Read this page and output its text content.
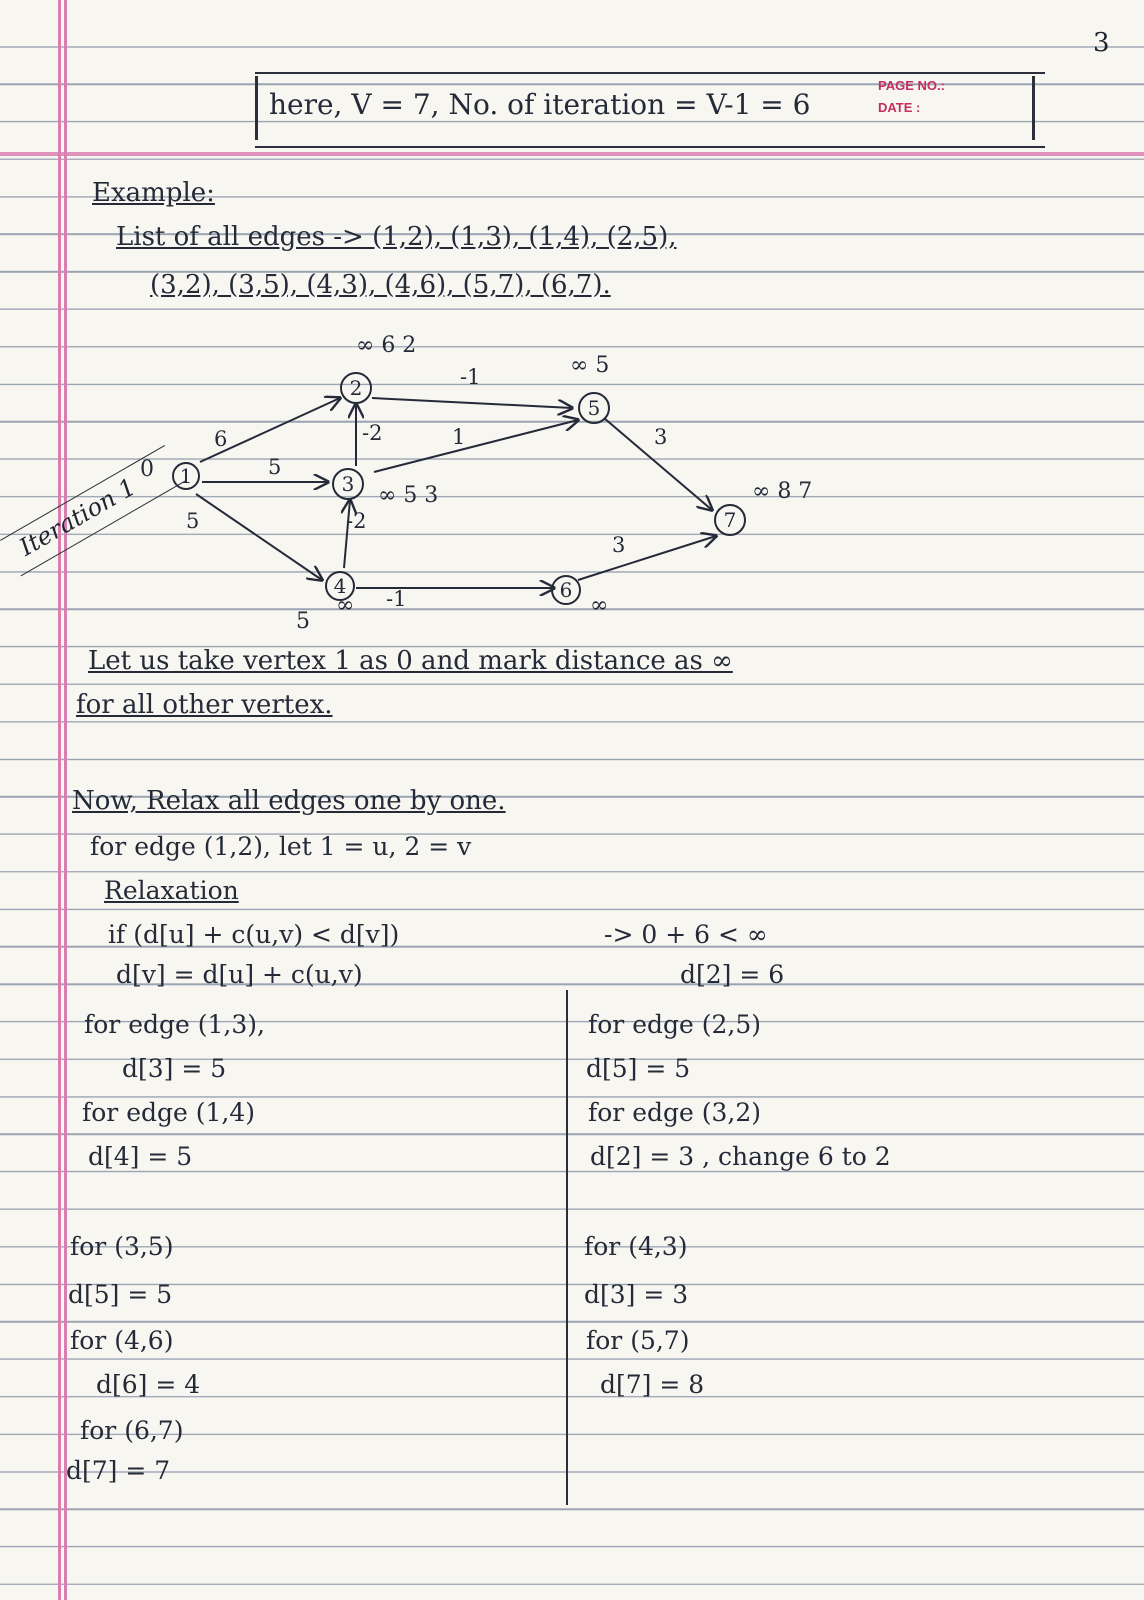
3
here, V = 7, No. of iteration = V-1 = 6
PAGE NO.:
DATE :
Example:
List of all edges -> (1,2), (1,3), (1,4), (2,5),
(3,2), (3,5), (4,3), (4,6), (5,7), (6,7).
Iteration 1 1
2
3
4
5
6
7
0
∞ 6 2
∞ 5 3
5
∞
∞ 5
∞
∞ 8 7
6
5
5
-1
-2	1
-2
-1
3
3
Let us take vertex 1 as 0 and mark distance as ∞
for all other vertex.
Now, Relax all edges one by one.
for edge (1,2), let 1 = u, 2 = v
Relaxation
if (d[u] + c(u,v) < d[v])	-> 0 + 6 < ∞
d[v] = d[u] + c(u,v)	d[2] = 6
for edge (1,3),
d[3] = 5
for edge (1,4)
d[4] = 5
for (3,5)
d[5] = 5
for (4,6)
d[6] = 4
for (6,7)
d[7] = 7
for edge (2,5)
d[5] = 5
for edge (3,2)
d[2] = 3 , change 6 to 2
for (4,3)
d[3] = 3
for (5,7)
d[7] = 8
